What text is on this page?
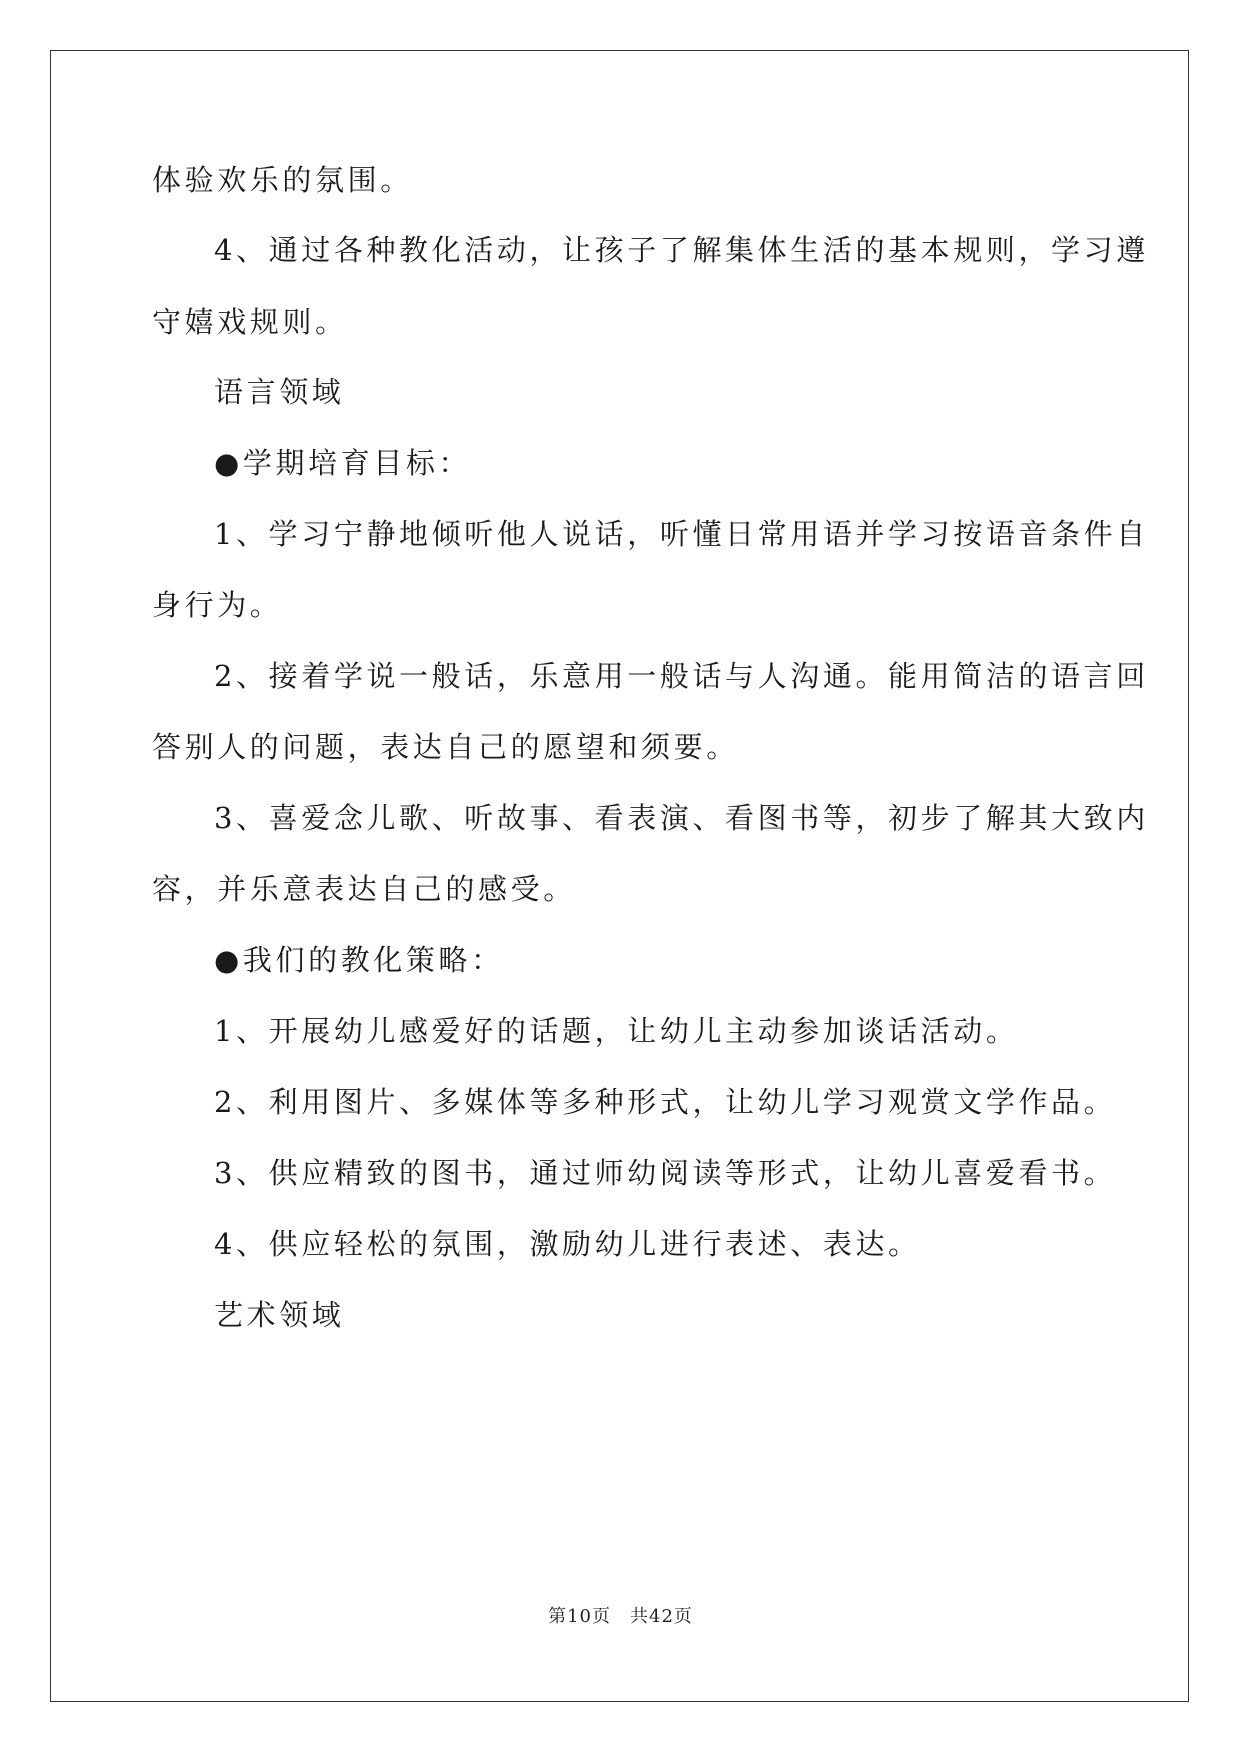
体验欢乐的氛围。
4、通过各种教化活动，让孩子了解集体生活的基本规则，学习遵
守嬉戏规则。
语言领域
●学期培育目标：
1、学习宁静地倾听他人说话，听懂日常用语并学习按语音条件自
身行为。
2、接着学说一般话，乐意用一般话与人沟通。能用简洁的语言回
答别人的问题，表达自己的愿望和须要。
3、喜爱念儿歌、听故事、看表演、看图书等，初步了解其大致内
容，并乐意表达自己的感受。
●我们的教化策略：
1、开展幼儿感爱好的话题，让幼儿主动参加谈话活动。
2、利用图片、多媒体等多种形式，让幼儿学习观赏文学作品。
3、供应精致的图书，通过师幼阅读等形式，让幼儿喜爱看书。
4、供应轻松的氛围，激励幼儿进行表述、表达。
艺术领域
第10页　共42页
